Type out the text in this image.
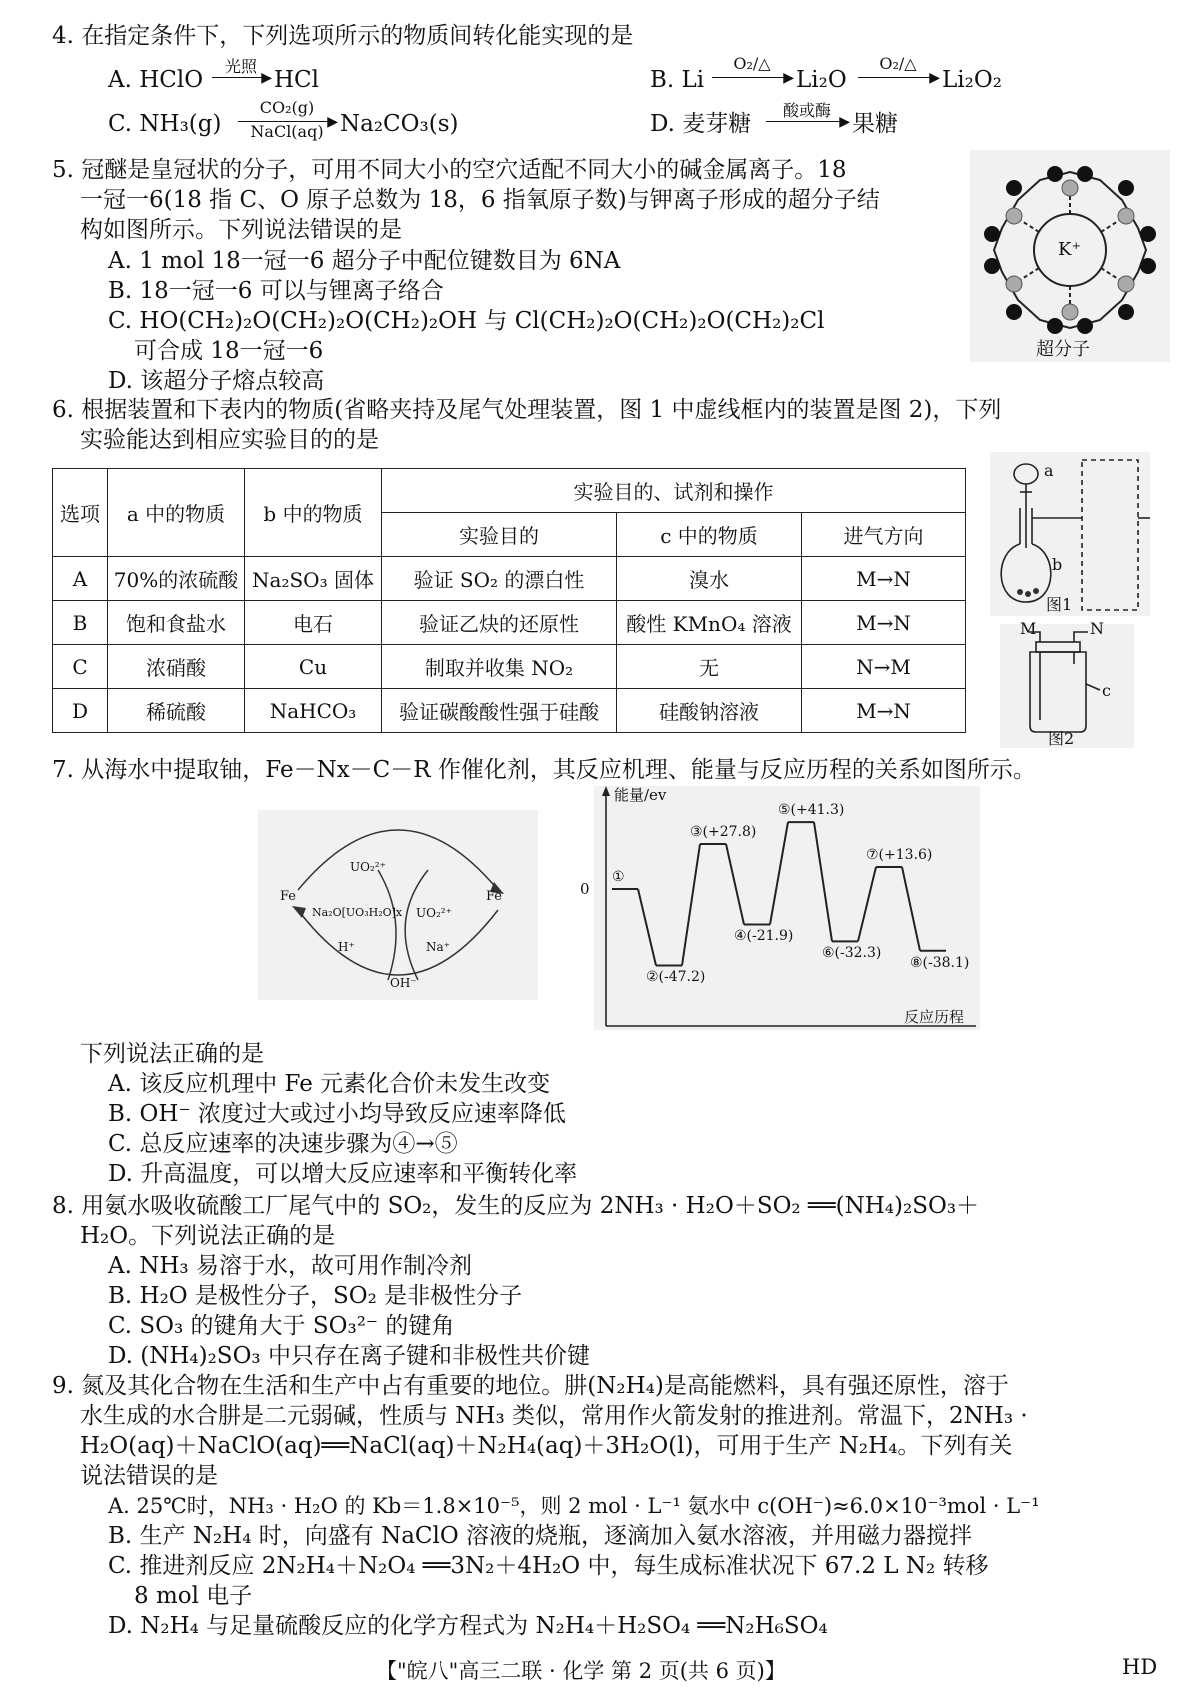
4. 在指定条件下，下列选项所示的物质间转化能实现的是
A. HClO
光照
▶ HCl	B. Li
O₂/△
▶ Li₂O
O₂/△
▶ Li₂O₂
C. NH₃(g)
CO₂(g)
▶
NaCl(aq) Na₂CO₃(s)	D. 麦芽糖
酸或酶
▶ 果糖
5. 冠醚是皇冠状的分子，可用不同大小的空穴适配不同大小的碱金属离子。18
一冠一6(18 指 C、O 原子总数为 18，6 指氧原子数)与钾离子形成的超分子结
构如图所示。下列说法错误的是
A. 1 mol 18一冠一6 超分子中配位键数目为 6NA
B. 18一冠一6 可以与锂离子络合
C. HO(CH₂)₂O(CH₂)₂O(CH₂)₂OH 与 Cl(CH₂)₂O(CH₂)₂O(CH₂)₂Cl
可合成 18一冠一6
D. 该超分子熔点较高
K⁺
超分子
6. 根据装置和下表内的物质(省略夹持及尾气处理装置，图 1 中虚线框内的装置是图 2)，下列
实验能达到相应实验目的的是
选项	a 中的物质	b 中的物质	实验目的、试剂和操作		
			实验目的	c 中的物质	进气方向
A	70%的浓硫酸	Na₂SO₃ 固体	验证 SO₂ 的漂白性	溴水	M→N
B	饱和食盐水	电石	验证乙炔的还原性	酸性 KMnO₄ 溶液	M→N
C	浓硝酸	Cu	制取并收集 NO₂	无	N→M
D	稀硫酸	NaHCO₃	验证碳酸酸性强于硅酸	硅酸钠溶液	M→N
a
b
图1
M	N
c
图2
7. 从海水中提取铀，Fe－Nx－C－R 作催化剂，其反应机理、能量与反应历程的关系如图所示。
Fe	Fe
UO₂²⁺
Na₂O[UO₃H₂O]x UO₂²⁺
H⁺	Na⁺
OH⁻
能量/ev
反应历程
0
①
②(-47.2)
③(+27.8)
④(-21.9)
⑤(+41.3)
⑥(-32.3)
⑦(+13.6)
⑧(-38.1)
下列说法正确的是
A. 该反应机理中 Fe 元素化合价未发生改变
B. OH⁻ 浓度过大或过小均导致反应速率降低
C. 总反应速率的决速步骤为④→⑤
D. 升高温度，可以增大反应速率和平衡转化率
8. 用氨水吸收硫酸工厂尾气中的 SO₂，发生的反应为 2NH₃ · H₂O＋SO₂ ══(NH₄)₂SO₃＋
H₂O。下列说法正确的是
A. NH₃ 易溶于水，故可用作制冷剂
B. H₂O 是极性分子，SO₂ 是非极性分子
C. SO₃ 的键角大于 SO₃²⁻ 的键角
D. (NH₄)₂SO₃ 中只存在离子键和非极性共价键
9. 氮及其化合物在生活和生产中占有重要的地位。肼(N₂H₄)是高能燃料，具有强还原性，溶于
水生成的水合肼是二元弱碱，性质与 NH₃ 类似，常用作火箭发射的推进剂。常温下，2NH₃ ·
H₂O(aq)＋NaClO(aq)══NaCl(aq)＋N₂H₄(aq)＋3H₂O(l)，可用于生产 N₂H₄。下列有关
说法错误的是
A. 25℃时，NH₃ · H₂O 的 Kb＝1.8×10⁻⁵，则 2 mol · L⁻¹ 氨水中 c(OH⁻)≈6.0×10⁻³mol · L⁻¹
B. 生产 N₂H₄ 时，向盛有 NaClO 溶液的烧瓶，逐滴加入氨水溶液，并用磁力器搅拌
C. 推进剂反应 2N₂H₄＋N₂O₄ ══3N₂＋4H₂O 中，每生成标准状况下 67.2 L N₂ 转移
8 mol 电子
D. N₂H₄ 与足量硫酸反应的化学方程式为 N₂H₄＋H₂SO₄ ══N₂H₆SO₄
【"皖八"高三二联 · 化学 第 2 页(共 6 页)】	HD
